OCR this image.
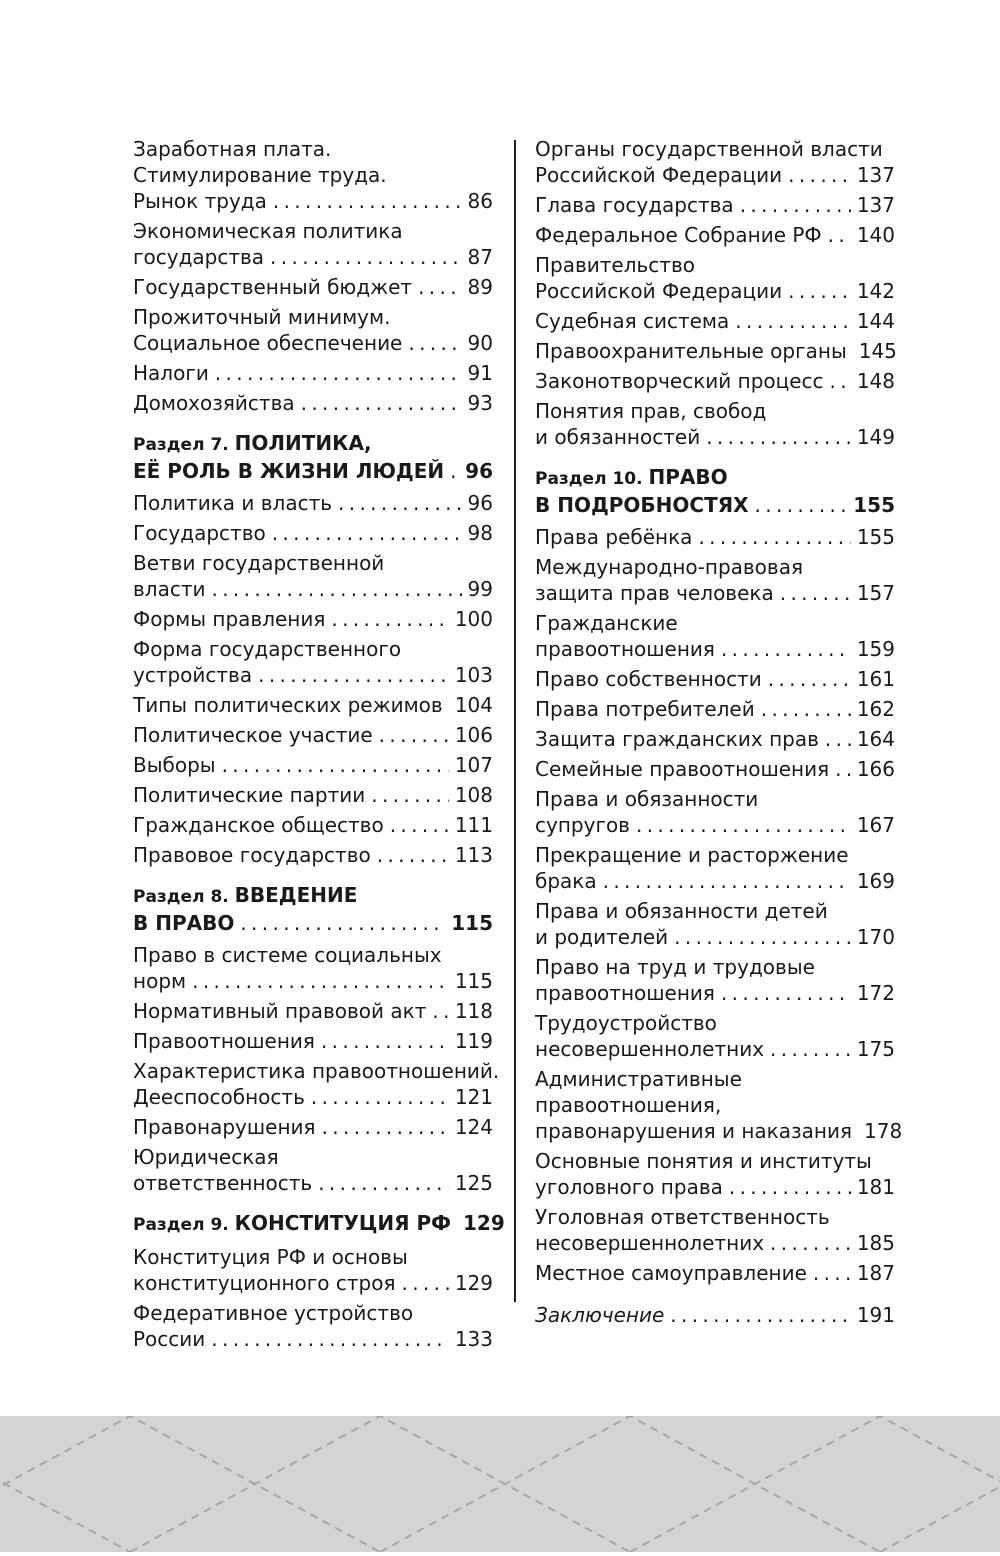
Заработная плата.
Стимулирование труда.
Рынок труда . . .	86
Экономическая политика
государства . . .	87
Государственный бюджет . . .	89
Прожиточный минимум.
Социальное обеспечение . . .	90
Налоги . . .	91
Домохозяйства . . .	93
Раздел 7. ПОЛИТИКА,
ЕЁ РОЛЬ В ЖИЗНИ ЛЮДЕЙ . . . 96
Политика и власть . . .	96
Государство . . .	98
Ветви государственной
власти . . .	99
Формы правления . . .	100
Форма государственного
устройства . . .	103
Типы политических режимов . . . 104
Политическое участие . . .	106
Выборы . . .	107
Политические партии . . .	108
Гражданское общество . . .	111
Правовое государство . . .	113
Раздел 8. ВВЕДЕНИЕ
В ПРАВО . . .	115
Право в системе социальных
норм . . .	115
Нормативный правовой акт . . . 118
Правоотношения . . .	119
Характеристика правоотношений.
Дееспособность . . .	121
Правонарушения . . .	124
Юридическая
ответственность . . .	125
Раздел 9. КОНСТИТУЦИЯ РФ 129
Конституция РФ и основы
конституционного строя . . .	129
Федеративное устройство
России . . .	133
Органы государственной власти
Российской Федерации . . .	137
Глава государства . . .	137
Федеральное Собрание РФ . . . 140
Правительство
Российской Федерации . . .	142
Судебная система . . .	144
Правоохранительные органы 145
Законотворческий процесс . . . 148
Понятия прав, свобод
и обязанностей . . .	149
Раздел 10. ПРАВО
В ПОДРОБНОСТЯХ . . .	155
Права ребёнка . . .	155
Международно-правовая
защита прав человека . . .	157
Гражданские
правоотношения . . .	159
Право собственности . . .	161
Права потребителей . . .	162
Защита гражданских прав . . . 164
Семейные правоотношения . . . 166
Права и обязанности
супругов . . .	167
Прекращение и расторжение
брака . . .	169
Права и обязанности детей
и родителей . . .	170
Право на труд и трудовые
правоотношения . . .	172
Трудоустройство
несовершеннолетних . . .	175
Административные
правоотношения,
правонарушения и наказания 178
Основные понятия и институты
уголовного права . . .	181
Уголовная ответственность
несовершеннолетних . . .	185
Местное самоуправление . . . 187
Заключение . . .	191
